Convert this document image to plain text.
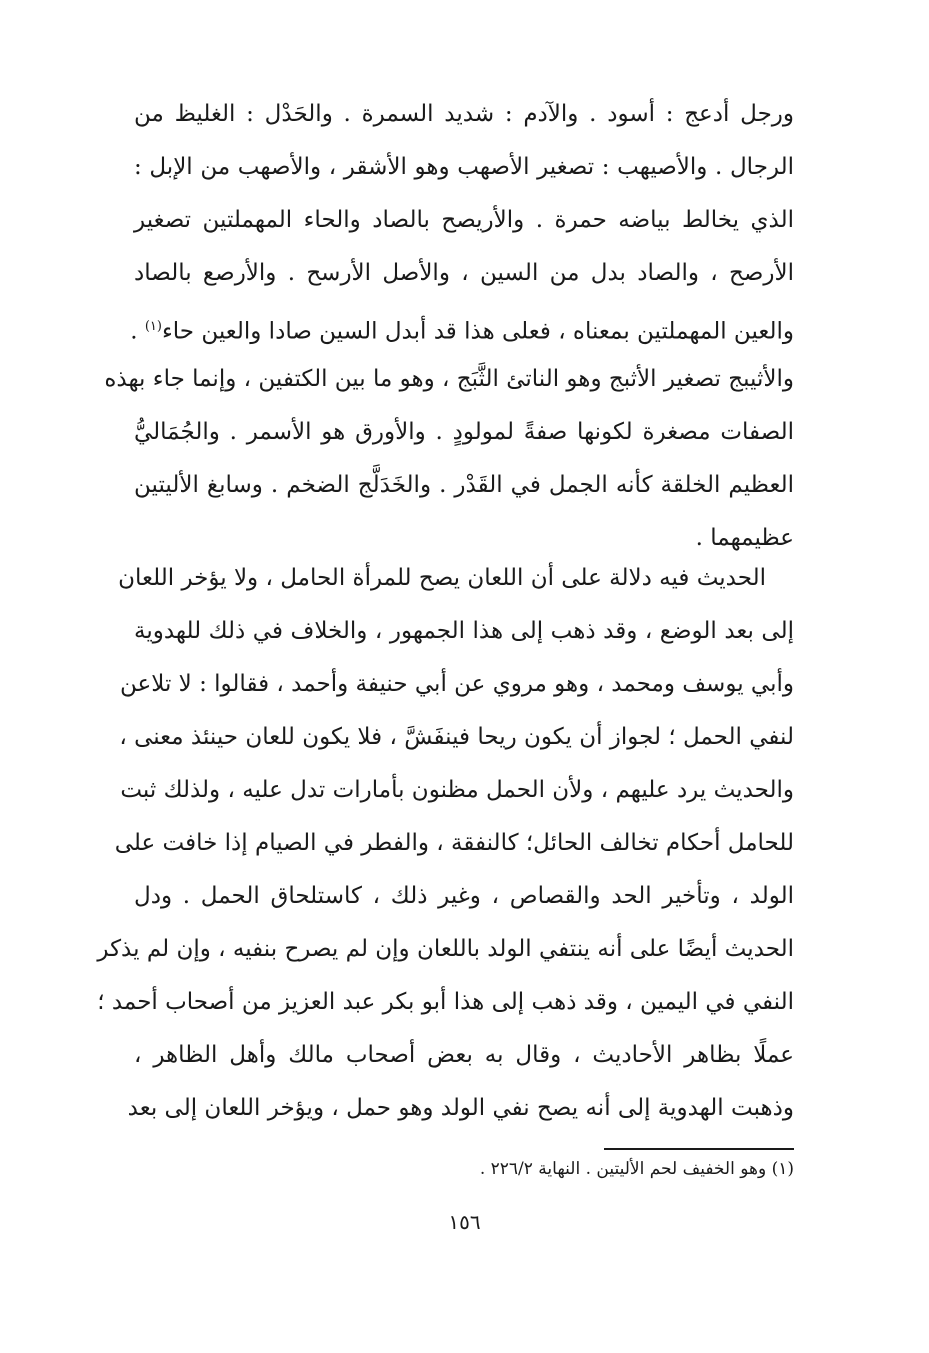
ورجل أدعج : أسود . والآدم : شديد السمرة . والحَدْل : الغليظ من
الرجال . والأصيهب : تصغير الأصهب وهو الأشقر ، والأصهب من الإبل :
الذي يخالط بياضه حمرة . والأريصح بالصاد والحاء المهملتين تصغير
الأرصح ، والصاد بدل من السين ، والأصل الأرسح . والأرصع بالصاد
والعين المهملتين بمعناه ، فعلى هذا قد أبدل السين صادا والعين حاء$^{(١)}$ .
والأثيبج تصغير الأثبج وهو الناتئ الثَّبَج ، وهو ما بين الكتفين ، وإنما جاء بهذه
الصفات مصغرة لكونها صفةً لمولودٍ . والأورق هو الأسمر . والجُمَاليُّ
العظيم الخلقة كأنه الجمل في القَدْر . والخَدَلَّج الضخم . وسابغ الأليتين
عظيمهما .
الحديث فيه دلالة على أن اللعان يصح للمرأة الحامل ، ولا يؤخر اللعان
إلى بعد الوضع ، وقد ذهب إلى هذا الجمهور ، والخلاف في ذلك للهدوية
وأبي يوسف ومحمد ، وهو مروي عن أبي حنيفة وأحمد ، فقالوا : لا تلاعن
لنفي الحمل ؛ لجواز أن يكون ريحا فينفَشَّ ، فلا يكون للعان حينئذ معنى ،
والحديث يرد عليهم ، ولأن الحمل مظنون بأمارات تدل عليه ، ولذلك ثبت
للحامل أحكام تخالف الحائل؛ كالنفقة ، والفطر في الصيام إذا خافت على
الولد ، وتأخير الحد والقصاص ، وغير ذلك ، كاستلحاق الحمل . ودل
الحديث أيضًا على أنه ينتفي الولد باللعان وإن لم يصرح بنفيه ، وإن لم يذكر
النفي في اليمين ، وقد ذهب إلى هذا أبو بكر عبد العزيز من أصحاب أحمد ؛
عملًا بظاهر الأحاديث ، وقال به بعض أصحاب مالك وأهل الظاهر ،
وذهبت الهدوية إلى أنه يصح نفي الولد وهو حمل ، ويؤخر اللعان إلى بعد
(١) وهو الخفيف لحم الأليتين . النهاية ٢٢٦/٢ .
١٥٦
